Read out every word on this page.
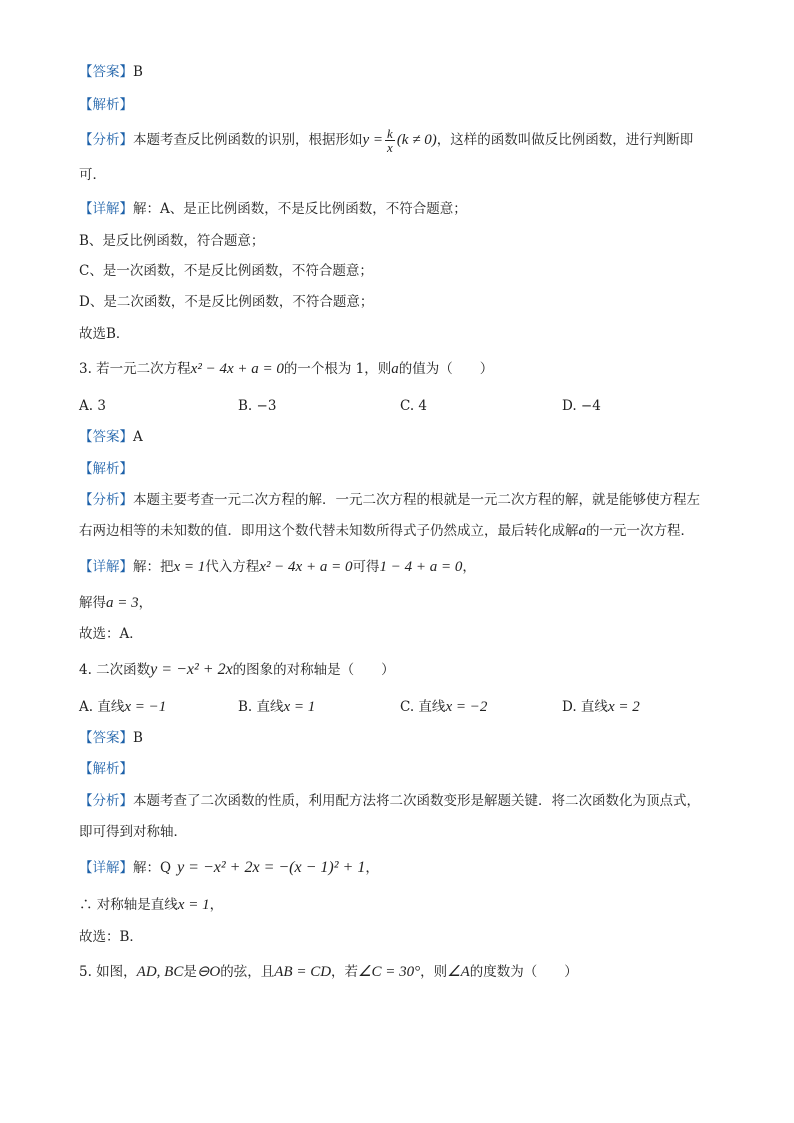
【答案】B
【解析】
【分析】本题考查反比例函数的识别，根据形如$y = \frac{k}{x} (k \ne 0)$，这样的函数叫做反比例函数，进行判断即
可．
【详解】解：A、是正比例函数，不是反比例函数，不符合题意；
B、是反比例函数，符合题意；
C、是一次函数，不是反比例函数，不符合题意；
D、是二次函数，不是反比例函数，不符合题意；
故选B．
3. 若一元二次方程x² − 4x + a = 0的一个根为 1，则a的值为（　　）
A. 3	B. −3	C. 4	D. −4
【答案】A
【解析】
【分析】本题主要考查一元二次方程的解．一元二次方程的根就是一元二次方程的解，就是能够使方程左
右两边相等的未知数的值．即用这个数代替未知数所得式子仍然成立，最后转化成解a的一元一次方程．
【详解】解：把x = 1代入方程x² − 4x + a = 0可得1 − 4 + a = 0，
解得a = 3，
故选：A．
4. 二次函数y = −x² + 2x的图象的对称轴是（　　）
A. 直线x = −1	B. 直线x = 1	C. 直线x = −2	D. 直线x = 2
【答案】B
【解析】
【分析】本题考查了二次函数的性质，利用配方法将二次函数变形是解题关键．将二次函数化为顶点式，
即可得到对称轴．
【详解】解：Q y = −x² + 2x = −(x − 1)² + 1，
∴ 对称轴是直线x = 1，
故选：B．
5. 如图，AD, BC是⊖O的弦，且AB = CD，若∠C = 30°，则∠A的度数为（　　）
